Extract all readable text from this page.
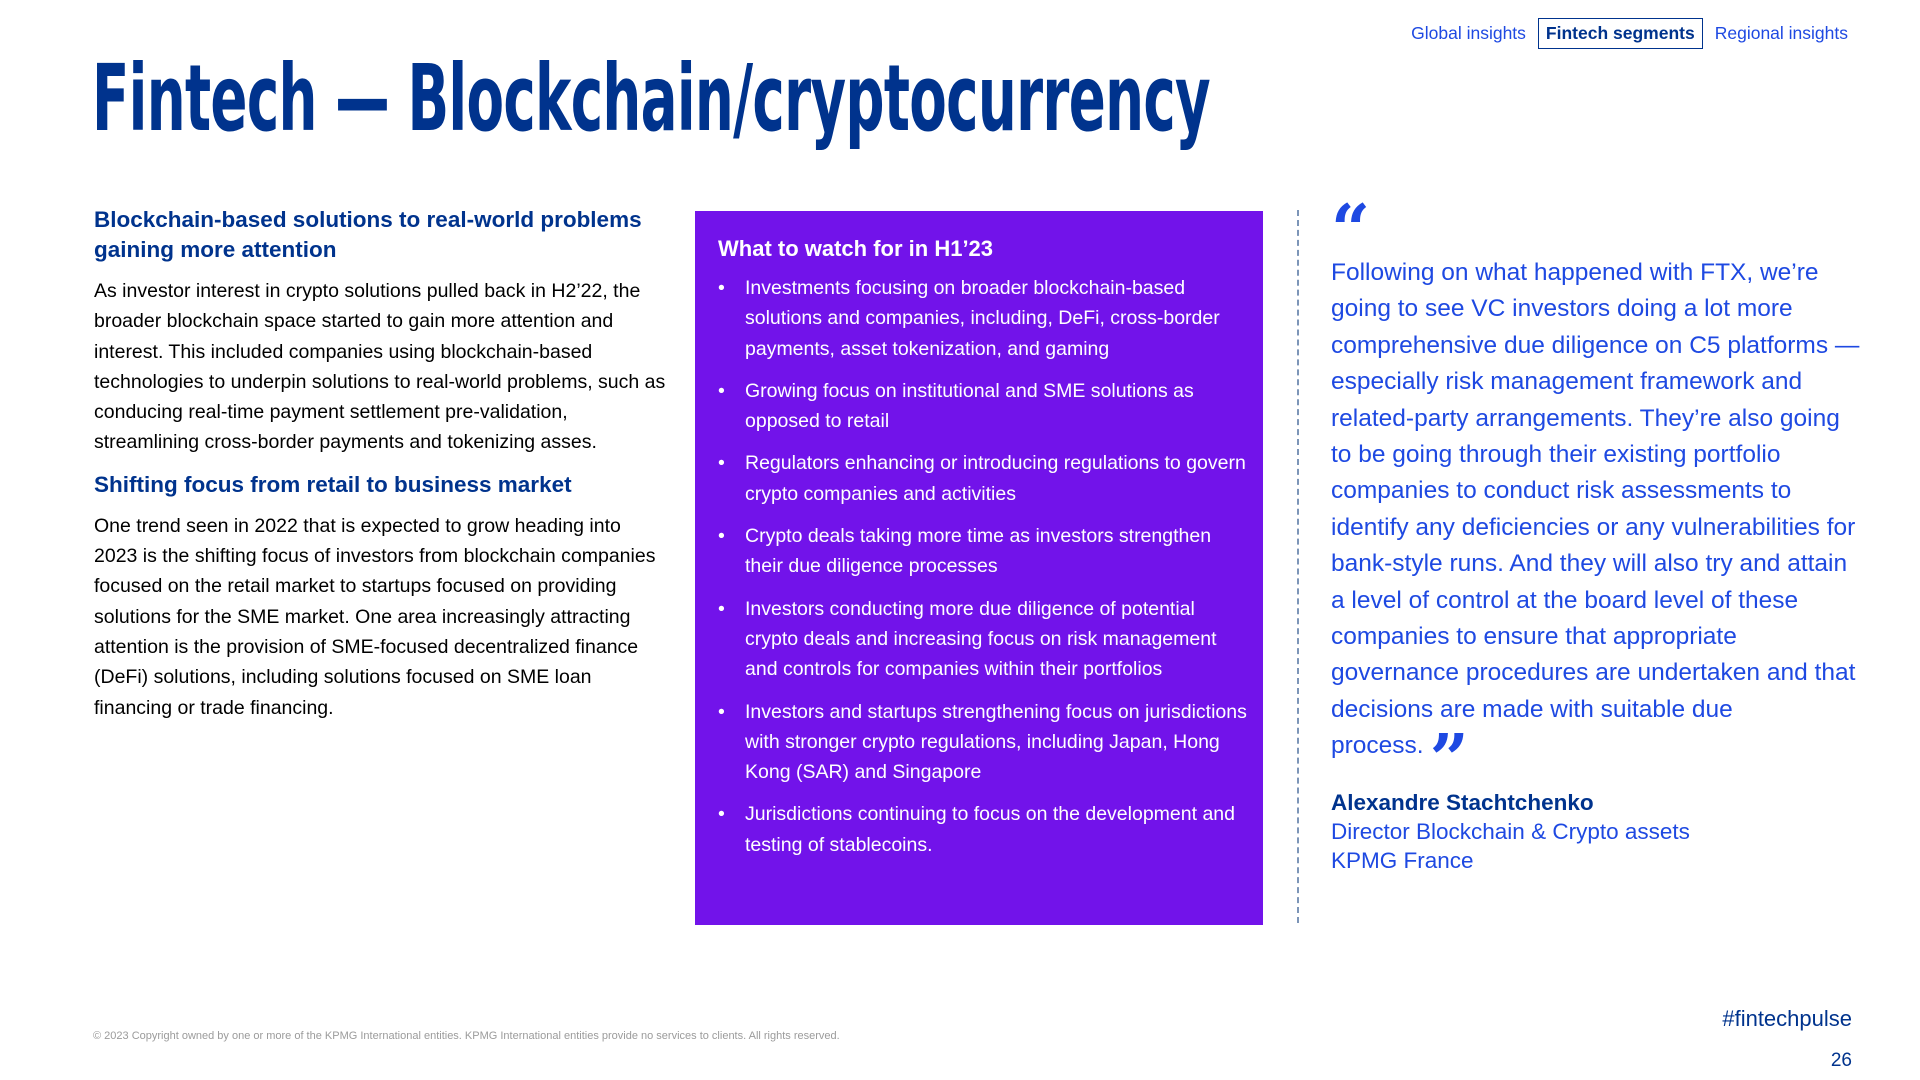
Global insights	Fintech segments	Regional insights
Fintech — Blockchain/cryptocurrency
Blockchain-based solutions to real-world problems gaining more attention

As investor interest in crypto solutions pulled back in H2’22, the broader blockchain space started to gain more attention and interest. This included companies using blockchain-based technologies to underpin solutions to real-world problems, such as conducing real-time payment settlement pre-validation, streamlining cross-border payments and tokenizing asses.

Shifting focus from retail to business market

One trend seen in 2022 that is expected to grow heading into 2023 is the shifting focus of investors from blockchain companies focused on the retail market to startups focused on providing solutions for the SME market. One area increasingly attracting attention is the provision of SME-focused decentralized finance (DeFi) solutions, including solutions focused on SME loan financing or trade financing.

What to watch for in H1’23
• Investments focusing on broader blockchain-based solutions and companies, including, DeFi, cross-border payments, asset tokenization, and gaming
• Growing focus on institutional and SME solutions as opposed to retail
• Regulators enhancing or introducing regulations to govern crypto companies and activities
• Crypto deals taking more time as investors strengthen their due diligence processes
• Investors conducting more due diligence of potential crypto deals and increasing focus on risk management and controls for companies within their portfolios
• Investors and startups strengthening focus on jurisdictions with stronger crypto regulations, including Japan, Hong Kong (SAR) and Singapore
• Jurisdictions continuing to focus on the development and testing of stablecoins.
“

Following on what happened with FTX, we’re going to see VC investors doing a lot more comprehensive due diligence on C5 platforms — especially risk management framework and related-party arrangements. They’re also going to be going through their existing portfolio companies to conduct risk assessments to identify any deficiencies or any vulnerabilities for bank-style runs. And they will also try and attain a level of control at the board level of these companies to ensure that appropriate governance procedures are undertaken and that decisions are made with suitable due process.”

Alexandre Stachtchenko
Director Blockchain & Crypto assets
KPMG France
#fintechpulse
26
© 2023 Copyright owned by one or more of the KPMG International entities. KPMG International entities provide no services to clients. All rights reserved.
